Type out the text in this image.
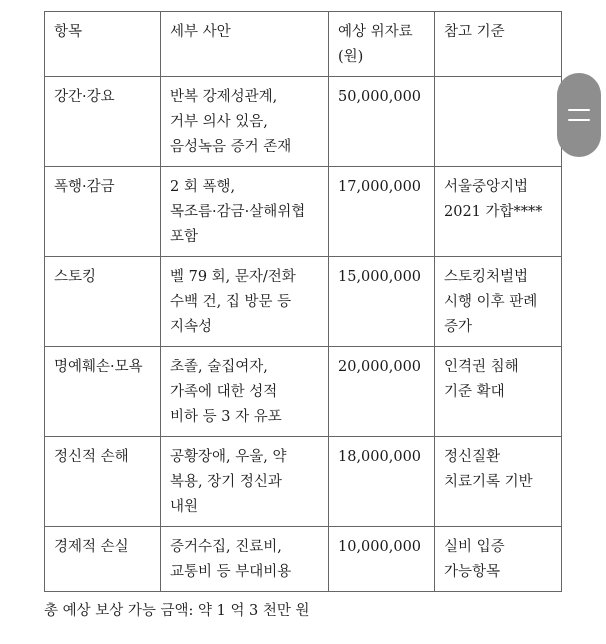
항목	세부 사안	예상 위자료 (원)	참고 기준
강간·강요	반복 강제성관계,
거부 의사 있음,
음성녹음 증거 존재	50,000,000	
폭행·감금	2 회 폭행,
목조름·감금·살해위협
포함	17,000,000	서울중앙지법
2021 가합****

스토킹	벨 79 회, 문자/전화
수백 건, 집 방문 등
지속성	15,000,000	스토킹처벌법
시행 이후 판례
증가

명예훼손·모욕	초졸, 술집여자,
가족에 대한 성적
비하 등 3 자 유포	20,000,000	인격권 침해
기준 확대

정신적 손해	공황장애, 우울, 약
복용, 장기 정신과
내원	18,000,000	정신질환
치료기록 기반

경제적 손실	증거수집, 진료비,
교통비 등 부대비용	10,000,000	실비 입증
가능항목
총 예상 보상 가능 금액: 약 1 억 3 천만 원
